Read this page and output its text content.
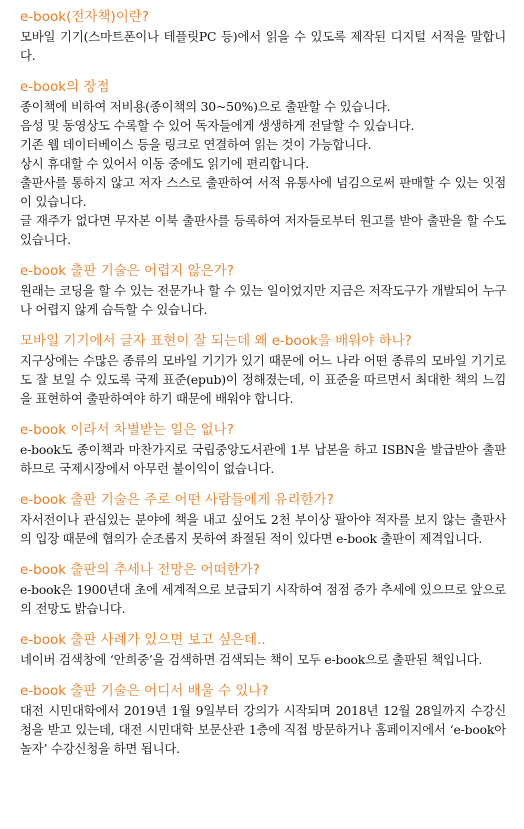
e-book(전자책)이란?

모바일 기기(스마트폰이나 테플릿PC 등)에서 읽을 수 있도록 제작된 디지털 서적을 말합니다.

e-book의 장점

종이책에 비하여 저비용(종이책의 30~50%)으로 출판할 수 있습니다.

음성 및 동영상도 수록할 수 있어 독자들에게 생생하게 전달할 수 있습니다.

기존 웹 데이터베이스 등을 링크로 연결하여 읽는 것이 가능합니다.

상시 휴대할 수 있어서 이동 중에도 읽기에 편리합니다.

출판사를 통하지 않고 저자 스스로 출판하여 서적 유통사에 넘김으로써 판매할 수 있는 잇점이 있습니다.

글 재주가 없다면 무자본 이북 출판사를 등록하여 저자들로부터 원고를 받아 출판을 할 수도 있습니다.

e-book 출판 기술은 어렵지 않은가?

원래는 코딩을 할 수 있는 전문가나 할 수 있는 일이었지만 지금은 저작도구가 개발되어 누구나 어렵지 않게 습득할 수 있습니다.

모바일 기기에서 글자 표현이 잘 되는데 왜 e-book을 배워야 하나?

지구상에는 수많은 종류의 모바일 기기가 있기 때문에 어느 나라 어떤 종류의 모바일 기기로도 잘 보일 수 있도록 국제 표준(epub)이 정해졌는데, 이 표준을 따르면서 최대한 책의 느낌을 표현하여 출판하여야 하기 때문에 배워야 합니다.

e-book 이라서 차별받는 일은 없나?

e-book도 종이책과 마찬가지로 국립중앙도서관에 1부 납본을 하고 ISBN을 발급받아 출판하므로 국제시장에서 아무런 불이익이 없습니다.

e-book 출판 기술은 주로 어떤 사람들에게 유리한가?

자서전이나 관심있는 분야에 책을 내고 싶어도 2천 부이상 팔아야 적자를 보지 않는 출판사의 입장 때문에 협의가 순조롭지 못하여 좌절된 적이 있다면 e-book 출판이 제격입니다.

e-book 출판의 추세나 전망은 어떠한가?

e-book은 1900년대 초에 세계적으로 보급되기 시작하여 점점 증가 추세에 있으므로 앞으로의 전망도 밝습니다.

e-book 출판 사례가 있으면 보고 싶은데..

네이버 검색창에 ‘안희중’을 검색하면 검색되는 책이 모두 e-book으로 출판된 책입니다.

e-book 출판 기술은 어디서 배울 수 있나?

대전 시민대학에서 2019년 1월 9일부터 강의가 시작되며 2018년 12월 28일까지 수강신청을 받고 있는데, 대전 시민대학 보문산관 1층에 직접 방문하거나 홈페이지에서 ‘e-book아 놀자’ 수강신청을 하면 됩니다.
